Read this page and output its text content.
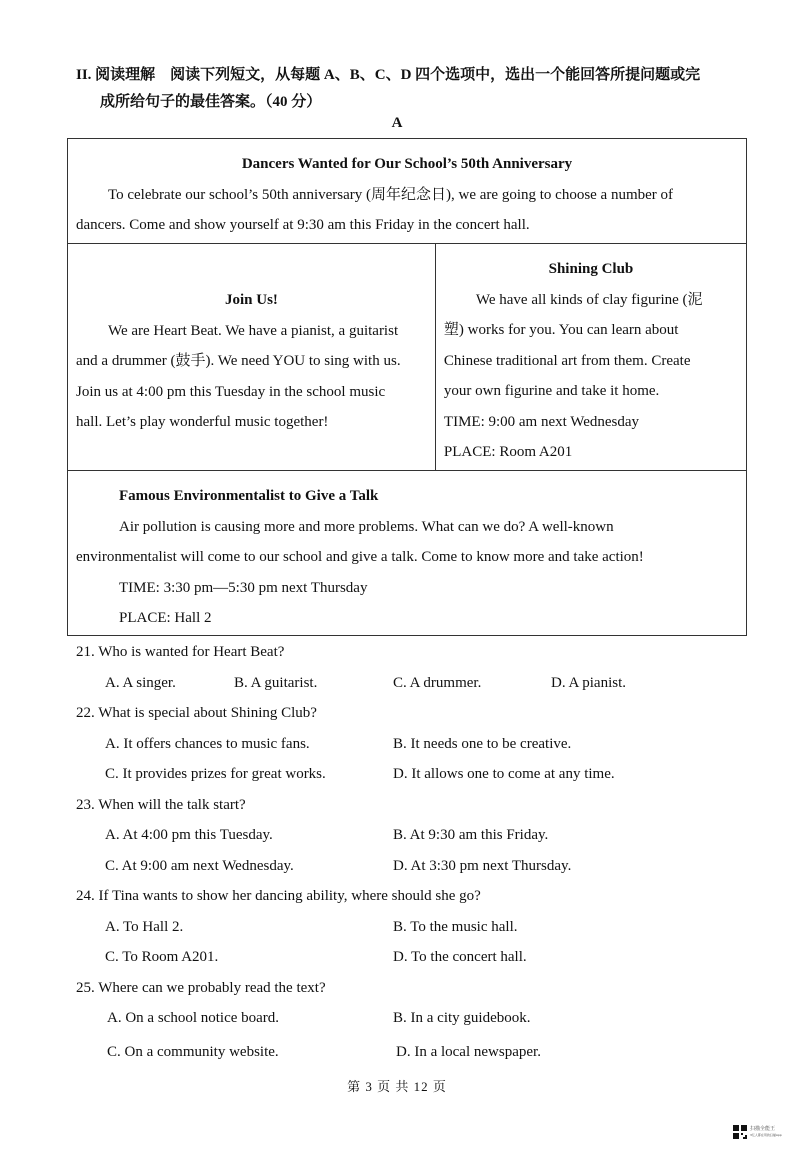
II. 阅读理解　阅读下列短文，从每题 A、B、C、D 四个选项中，选出一个能回答所提问题或完
成所给句子的最佳答案。（40 分）
A
Dancers Wanted for Our School’s 50th Anniversary
To celebrate our school’s 50th anniversary (周年纪念日), we are going to choose a number of
dancers. Come and show yourself at 9:30 am this Friday in the concert hall.
Join Us!
We are Heart Beat. We have a pianist, a guitarist
and a drummer (鼓手). We need YOU to sing with us.
Join us at 4:00 pm this Tuesday in the school music
hall. Let’s play wonderful music together!
Shining Club
We have all kinds of clay figurine (泥
塑) works for you. You can learn about
Chinese traditional art from them. Create
your own figurine and take it home.
TIME: 9:00 am next Wednesday
PLACE: Room A201
Famous Environmentalist to Give a Talk
Air pollution is causing more and more problems. What can we do? A well-known
environmentalist will come to our school and give a talk. Come to know more and take action!
TIME: 3:30 pm—5:30 pm next Thursday
PLACE: Hall 2
21. Who is wanted for Heart Beat?
A. A singer.	B. A guitarist.	C. A drummer.	D. A pianist.
22. What is special about Shining Club?
A. It offers chances to music fans.	B. It needs one to be creative.
C. It provides prizes for great works.	D. It allows one to come at any time.
23. When will the talk start?
A. At 4:00 pm this Tuesday.	B. At 9:30 am this Friday.
C. At 9:00 am next Wednesday.	D. At 3:30 pm next Thursday.
24. If Tina wants to show her dancing ability, where should she go?
A. To Hall 2.	B. To the music hall.
C. To Room A201.	D. To the concert hall.
25. Where can we probably read the text?
A. On a school notice board.	B. In a city guidebook.
C. On a community website.	D. In a local newspaper.
第 3 页 共 12 页
扫描全能王
3亿人都在用的扫描App
